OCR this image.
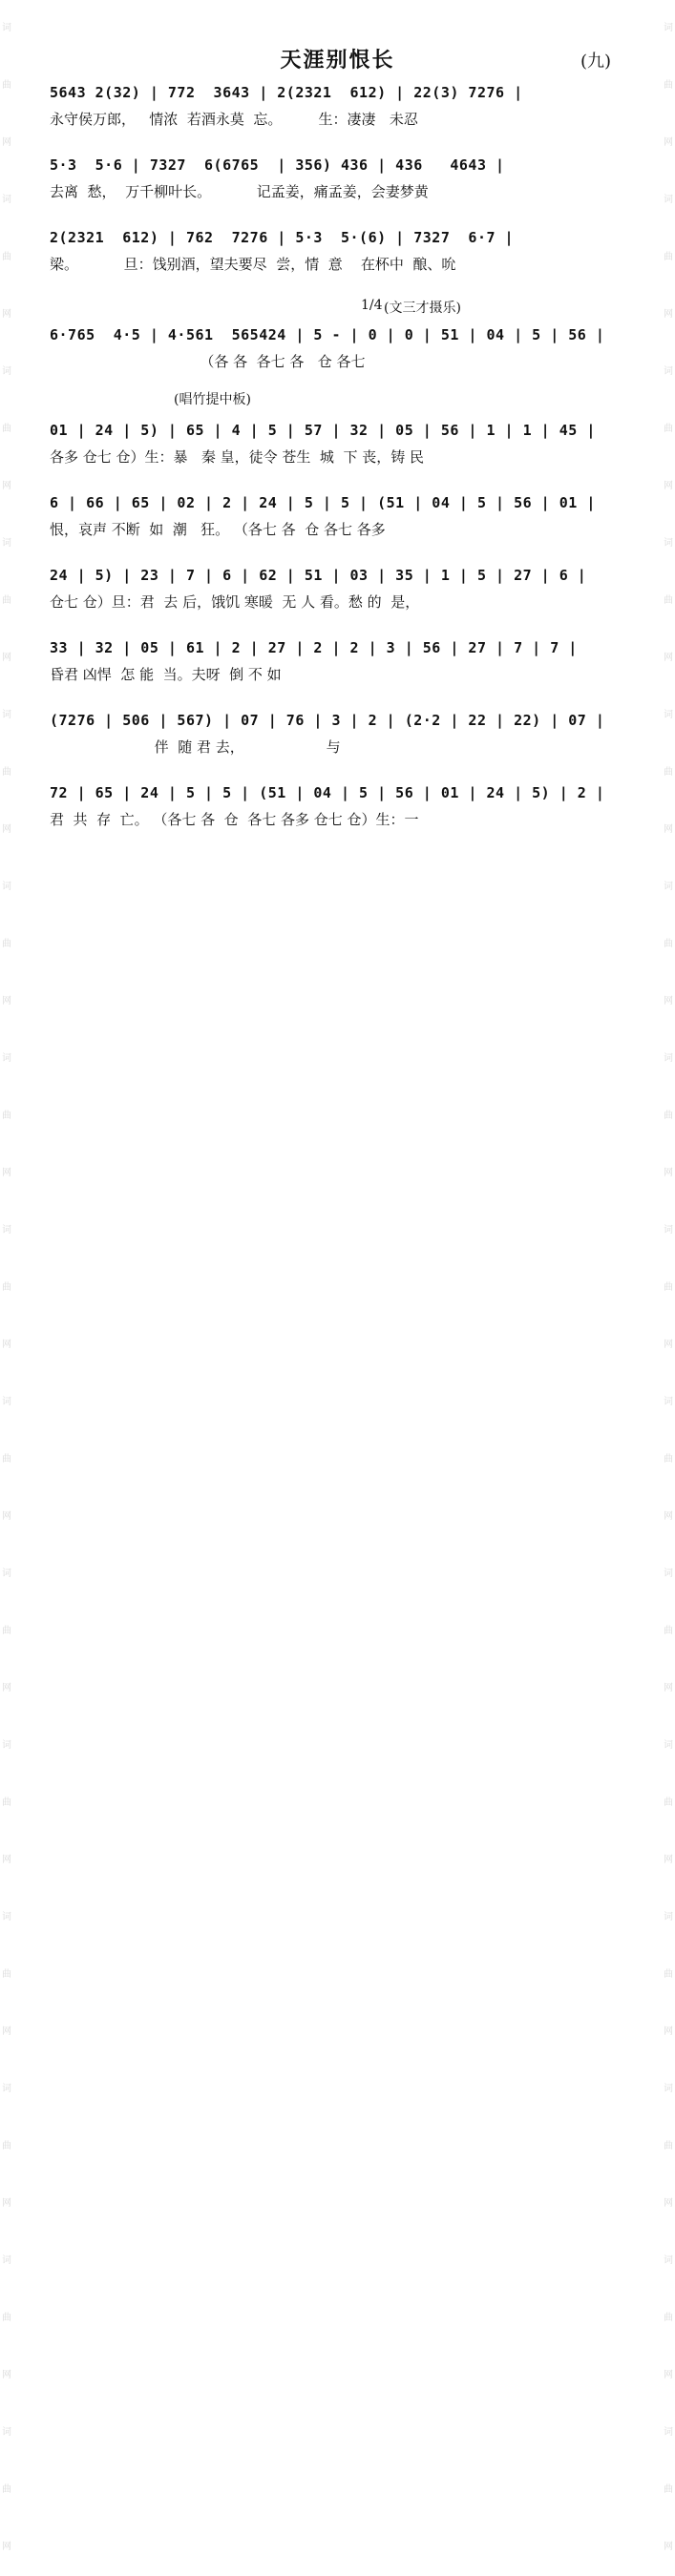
词曲网
词曲网
词曲网
词曲网
词曲网
词曲网
词曲网
词曲网
词曲网
词曲网
词曲网
词曲网
词曲网
词曲网
词曲网
词曲网
词曲网
词曲网
词曲网
词曲网
词曲网
词曲网
词曲网
词曲网
词曲网
词曲网
词曲网
词曲网
词曲网
词曲网
天涯别恨长	(九)
1/4 (文三才摄乐)
(唱竹提中板)
5643 2(32) | 772  3643 | 2(2321  612) | 22(3) 7276 |
永守侯万郎，   情浓  若酒永莫  忘。        生：凄凄   未忍
5·3  5·6 | 7327  6(6765  | 356) 436 | 436   4643 |
去离  愁，  万千柳叶长。          记孟姜，痛孟姜，会妻梦黄
2(2321  612) | 762  7276 | 5·3  5·(6) | 7327  6·7 |
梁。          旦：饯别酒，望夫要尽  尝，情  意    在杯中  酿、吮
6·765  4·5 | 4·561  565424 | 5 - | 0 | 0 | 51 | 04 | 5 | 56 |
（各 各  各七 各   仓 各七
01 | 24 | 5) | 65 | 4 | 5 | 57 | 32 | 05 | 56 | 1 | 1 | 45 |
各多 仓七 仓）生：暴   秦 皇，徒令 苍生  城  下 丧，铸 民
6 | 66 | 65 | 02 | 2 | 24 | 5 | 5 | (51 | 04 | 5 | 56 | 01 |
恨，哀声 不断  如  潮   狂。 （各七 各  仓 各七 各多
24 | 5) | 23 | 7 | 6 | 62 | 51 | 03 | 35 | 1 | 5 | 27 | 6 |
仓七 仓）旦：君  去 后，饿饥 寒暖  无 人 看。愁 的  是，
33 | 32 | 05 | 61 | 2 | 27 | 2 | 2 | 3 | 56 | 27 | 7 | 7 |
昏君 凶悍  怎 能  当。夫呀  倒 不 如
(7276 | 506 | 567) | 07 | 76 | 3 | 2 | (2·2 | 22 | 22) | 07 |
伴  随 君 去，                  与
72 | 65 | 24 | 5 | 5 | (51 | 04 | 5 | 56 | 01 | 24 | 5) | 2 |
君  共  存  亡。 （各七 各  仓  各七 各多 仓七 仓）生：一
